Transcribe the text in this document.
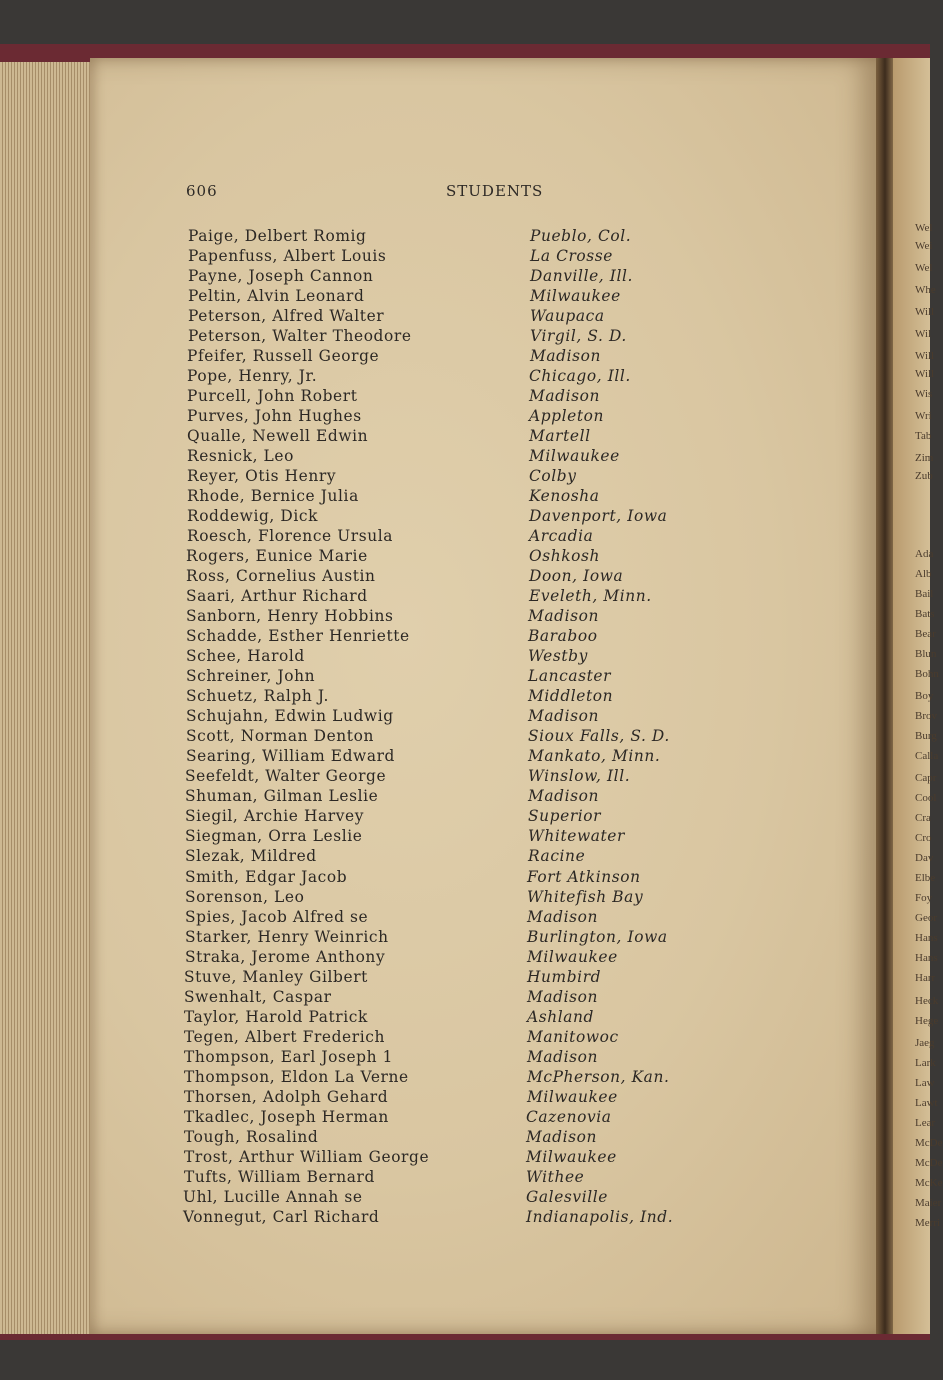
Wel
Wei
Wel
Whe
Will
Wil
Will
Will
Wis
Wri
Tab
Zim
Zub
Ada
Alb
Bail
Bats
Bear
Blun
Bohn
Boy
Brov
Burg
Calla
Capr
Cool
Cra
Cro
Dav
Elbe
Foy
Geor
Hans
Hans
Harr
Heck
Hege
Jaeg
Lark
Law
Lawt
Lear
McDe
McDe
McKe
Maier
Merri
606	STUDENTS
Paige, Delbert Romig	Pueblo, Col.
Papenfuss, Albert Louis	La Crosse
Payne, Joseph Cannon	Danville, Ill.
Peltin, Alvin Leonard	Milwaukee
Peterson, Alfred Walter	Waupaca
Peterson, Walter Theodore	Virgil, S. D.
Pfeifer, Russell George	Madison
Pope, Henry, Jr.	Chicago, Ill.
Purcell, John Robert	Madison
Purves, John Hughes	Appleton
Qualle, Newell Edwin	Martell
Resnick, Leo	Milwaukee
Reyer, Otis Henry	Colby
Rhode, Bernice Julia	Kenosha
Roddewig, Dick	Davenport, Iowa
Roesch, Florence Ursula	Arcadia
Rogers, Eunice Marie	Oshkosh
Ross, Cornelius Austin	Doon, Iowa
Saari, Arthur Richard	Eveleth, Minn.
Sanborn, Henry Hobbins	Madison
Schadde, Esther Henriette	Baraboo
Schee, Harold	Westby
Schreiner, John	Lancaster
Schuetz, Ralph J.	Middleton
Schujahn, Edwin Ludwig	Madison
Scott, Norman Denton	Sioux Falls, S. D.
Searing, William Edward	Mankato, Minn.
Seefeldt, Walter George	Winslow, Ill.
Shuman, Gilman Leslie	Madison
Siegil, Archie Harvey	Superior
Siegman, Orra Leslie	Whitewater
Slezak, Mildred	Racine
Smith, Edgar Jacob	Fort Atkinson
Sorenson, Leo	Whitefish Bay
Spies, Jacob Alfred se	Madison
Starker, Henry Weinrich	Burlington, Iowa
Straka, Jerome Anthony	Milwaukee
Stuve, Manley Gilbert	Humbird
Swenhalt, Caspar	Madison
Taylor, Harold Patrick	Ashland
Tegen, Albert Frederich	Manitowoc
Thompson, Earl Joseph 1	Madison
Thompson, Eldon La Verne	McPherson, Kan.
Thorsen, Adolph Gehard	Milwaukee
Tkadlec, Joseph Herman	Cazenovia
Tough, Rosalind	Madison
Trost, Arthur William George	Milwaukee
Tufts, William Bernard	Withee
Uhl, Lucille Annah se	Galesville
Vonnegut, Carl Richard	Indianapolis, Ind.
